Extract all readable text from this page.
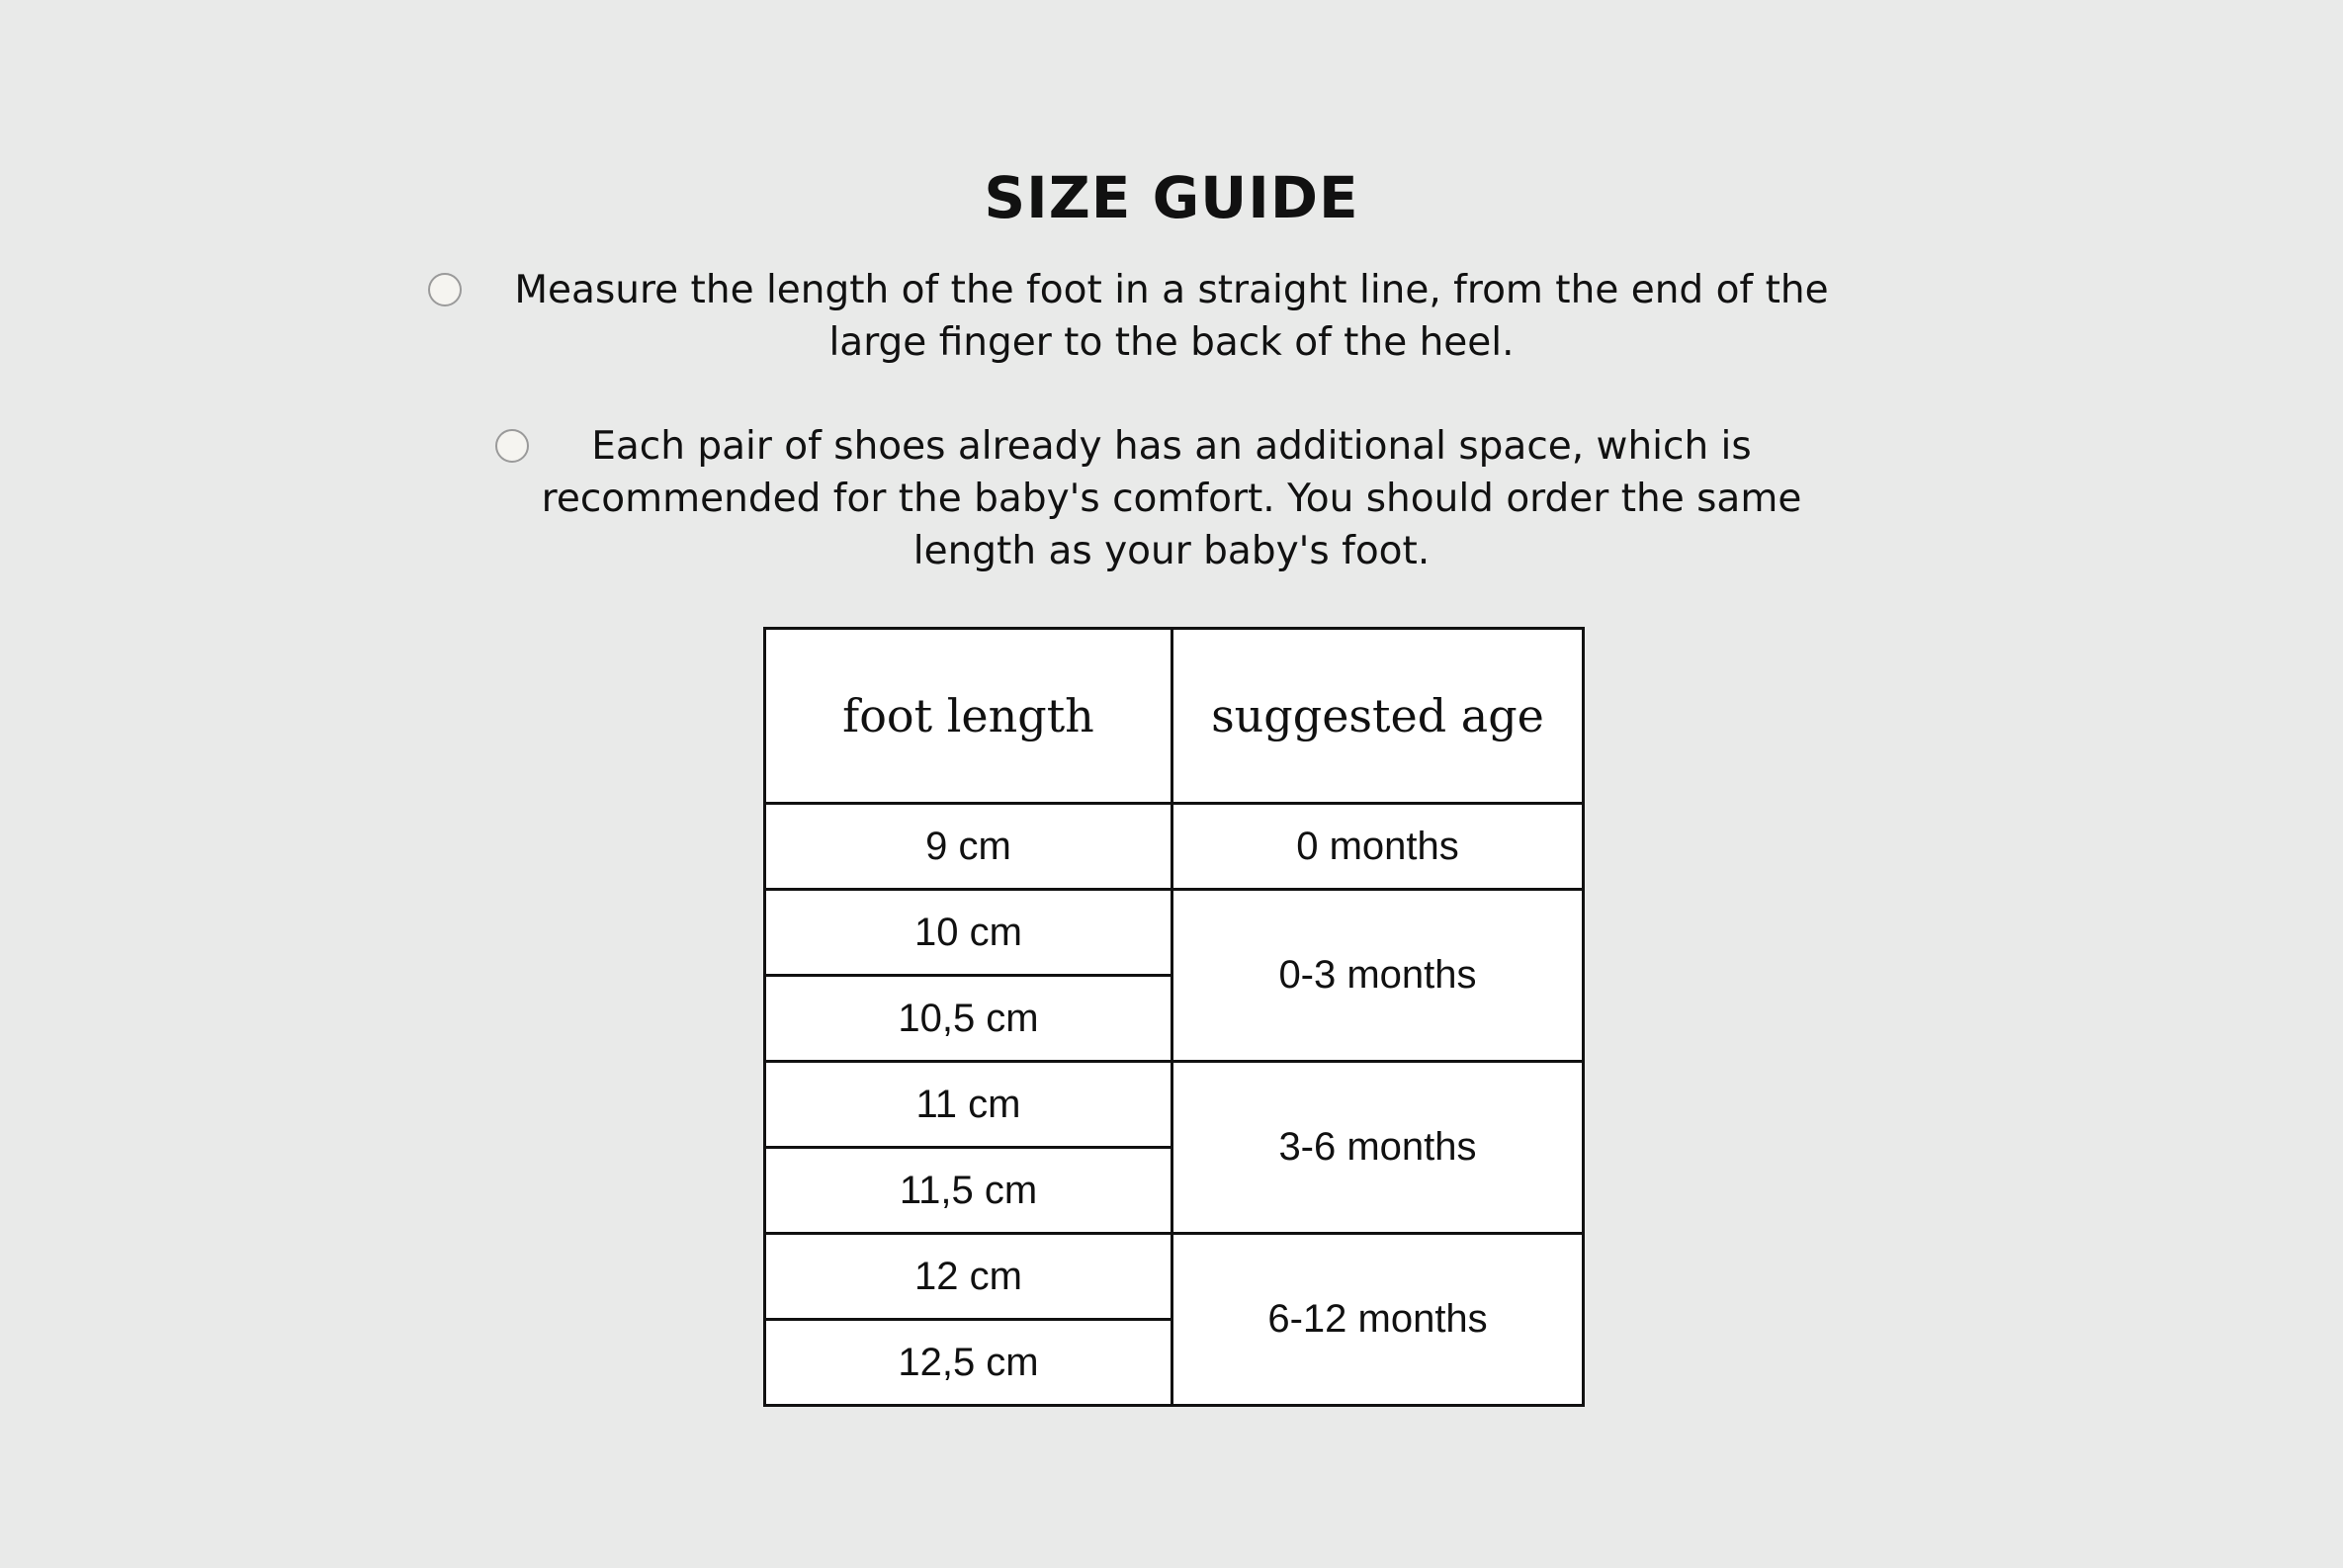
SIZE GUIDE

Measure the length of the foot in a straight line, from the end of the
large finger to the back of the heel.

Each pair of shoes already has an additional space, which is
recommended for the baby's comfort. You should order the same
length as your baby's foot.

foot length	suggested age
9 cm	0 months
10 cm	0-3 months
10,5 cm	
11 cm	3-6 months
11,5 cm	
12 cm	6-12 months
12,5 cm	
